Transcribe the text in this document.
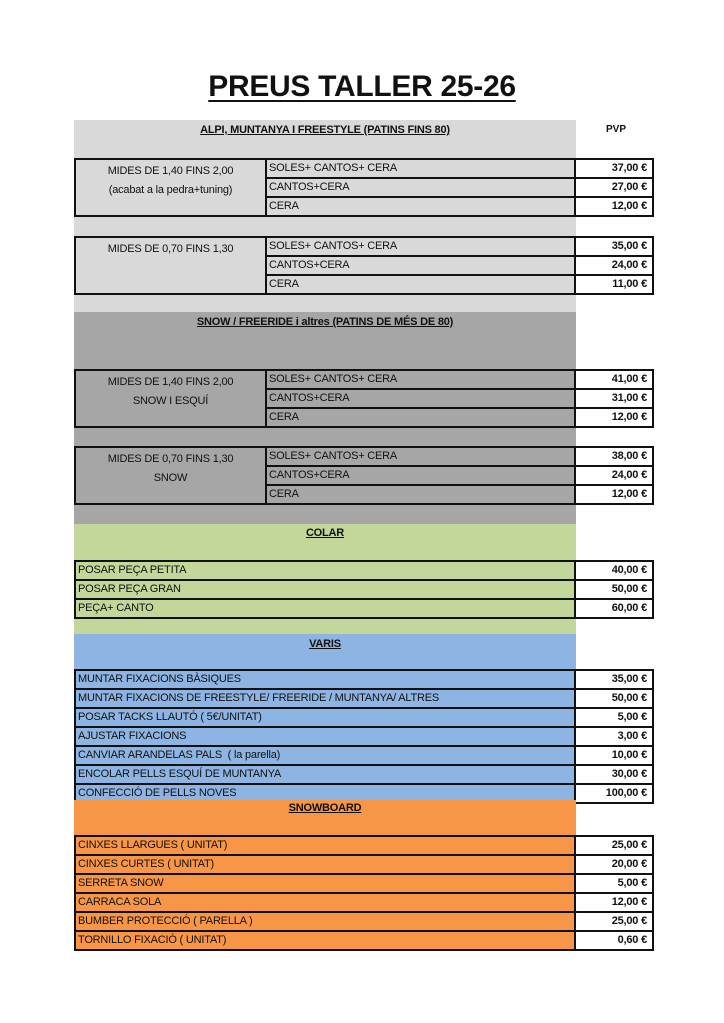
PREUS TALLER 25-26
ALPI, MUNTANYA I FREESTYLE (PATINS FINS 80)	PVP
MIDES DE 1,40 FINS 2,00
(acabat a la pedra+tuning)	SOLES+ CANTOS+ CERA	37,00 €
	CANTOS+CERA	27,00 €
	CERA	12,00 €
MIDES DE 0,70 FINS 1,30	SOLES+ CANTOS+ CERA	35,00 €
	CANTOS+CERA	24,00 €
	CERA	11,00 €
SNOW / FREERIDE i altres (PATINS DE MÉS DE 80)
MIDES DE 1,40 FINS 2,00
SNOW I ESQUÍ	SOLES+ CANTOS+ CERA	41,00 €
	CANTOS+CERA	31,00 €
	CERA	12,00 €
MIDES DE 0,70 FINS 1,30
SNOW	SOLES+ CANTOS+ CERA	38,00 €
	CANTOS+CERA	24,00 €
	CERA	12,00 €
COLAR
POSAR PEÇA PETITA	40,00 €
POSAR PEÇA GRAN	50,00 €
PEÇA+ CANTO	60,00 €
VARIS
MUNTAR FIXACIONS BÀSIQUES	35,00 €
MUNTAR FIXACIONS DE FREESTYLE/ FREERIDE / MUNTANYA/ ALTRES	50,00 €
POSAR TACKS LLAUTÓ ( 5€/UNITAT)	5,00 €
AJUSTAR FIXACIONS	3,00 €
CANVIAR ARANDELAS PALS  ( la parella)	10,00 €
ENCOLAR PELLS ESQUÍ DE MUNTANYA	30,00 €
CONFECCIÓ DE PELLS NOVES	100,00 €
SNOWBOARD
CINXES LLARGUES ( UNITAT)	25,00 €
CINXES CURTES ( UNITAT)	20,00 €
SERRETA SNOW	5,00 €
CARRACA SOLA	12,00 €
BUMBER PROTECCIÓ ( PARELLA )	25,00 €
TORNILLO FIXACIÓ ( UNITAT)	0,60 €
